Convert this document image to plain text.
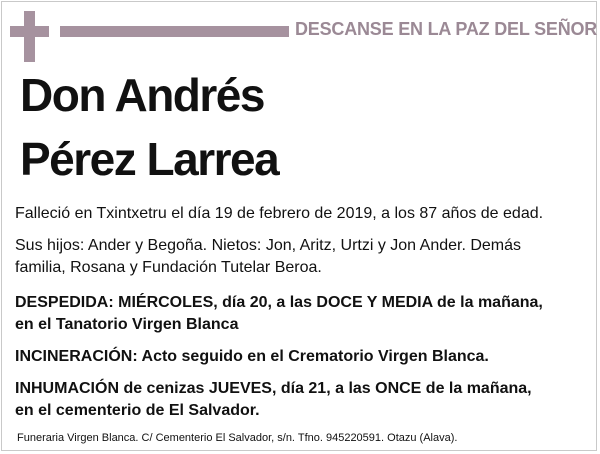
DESCANSE EN LA PAZ DEL SEÑOR
Don Andrés
Pérez Larrea
Falleció en Txintxetru el día 19 de febrero de 2019, a los 87 años de edad.
Sus hijos: Ander y Begoña. Nietos: Jon, Aritz, Urtzi y Jon Ander. Demás
familia, Rosana y Fundación Tutelar Beroa.
DESPEDIDA: MIÉRCOLES, día 20, a las DOCE Y MEDIA de la mañana,
en el Tanatorio Virgen Blanca
INCINERACIÓN: Acto seguido en el Crematorio Virgen Blanca.
INHUMACIÓN de cenizas JUEVES, día 21, a las ONCE de la mañana,
en el cementerio de El Salvador.
Funeraria Virgen Blanca. C/ Cementerio El Salvador, s/n. Tfno. 945220591. Otazu (Alava).
